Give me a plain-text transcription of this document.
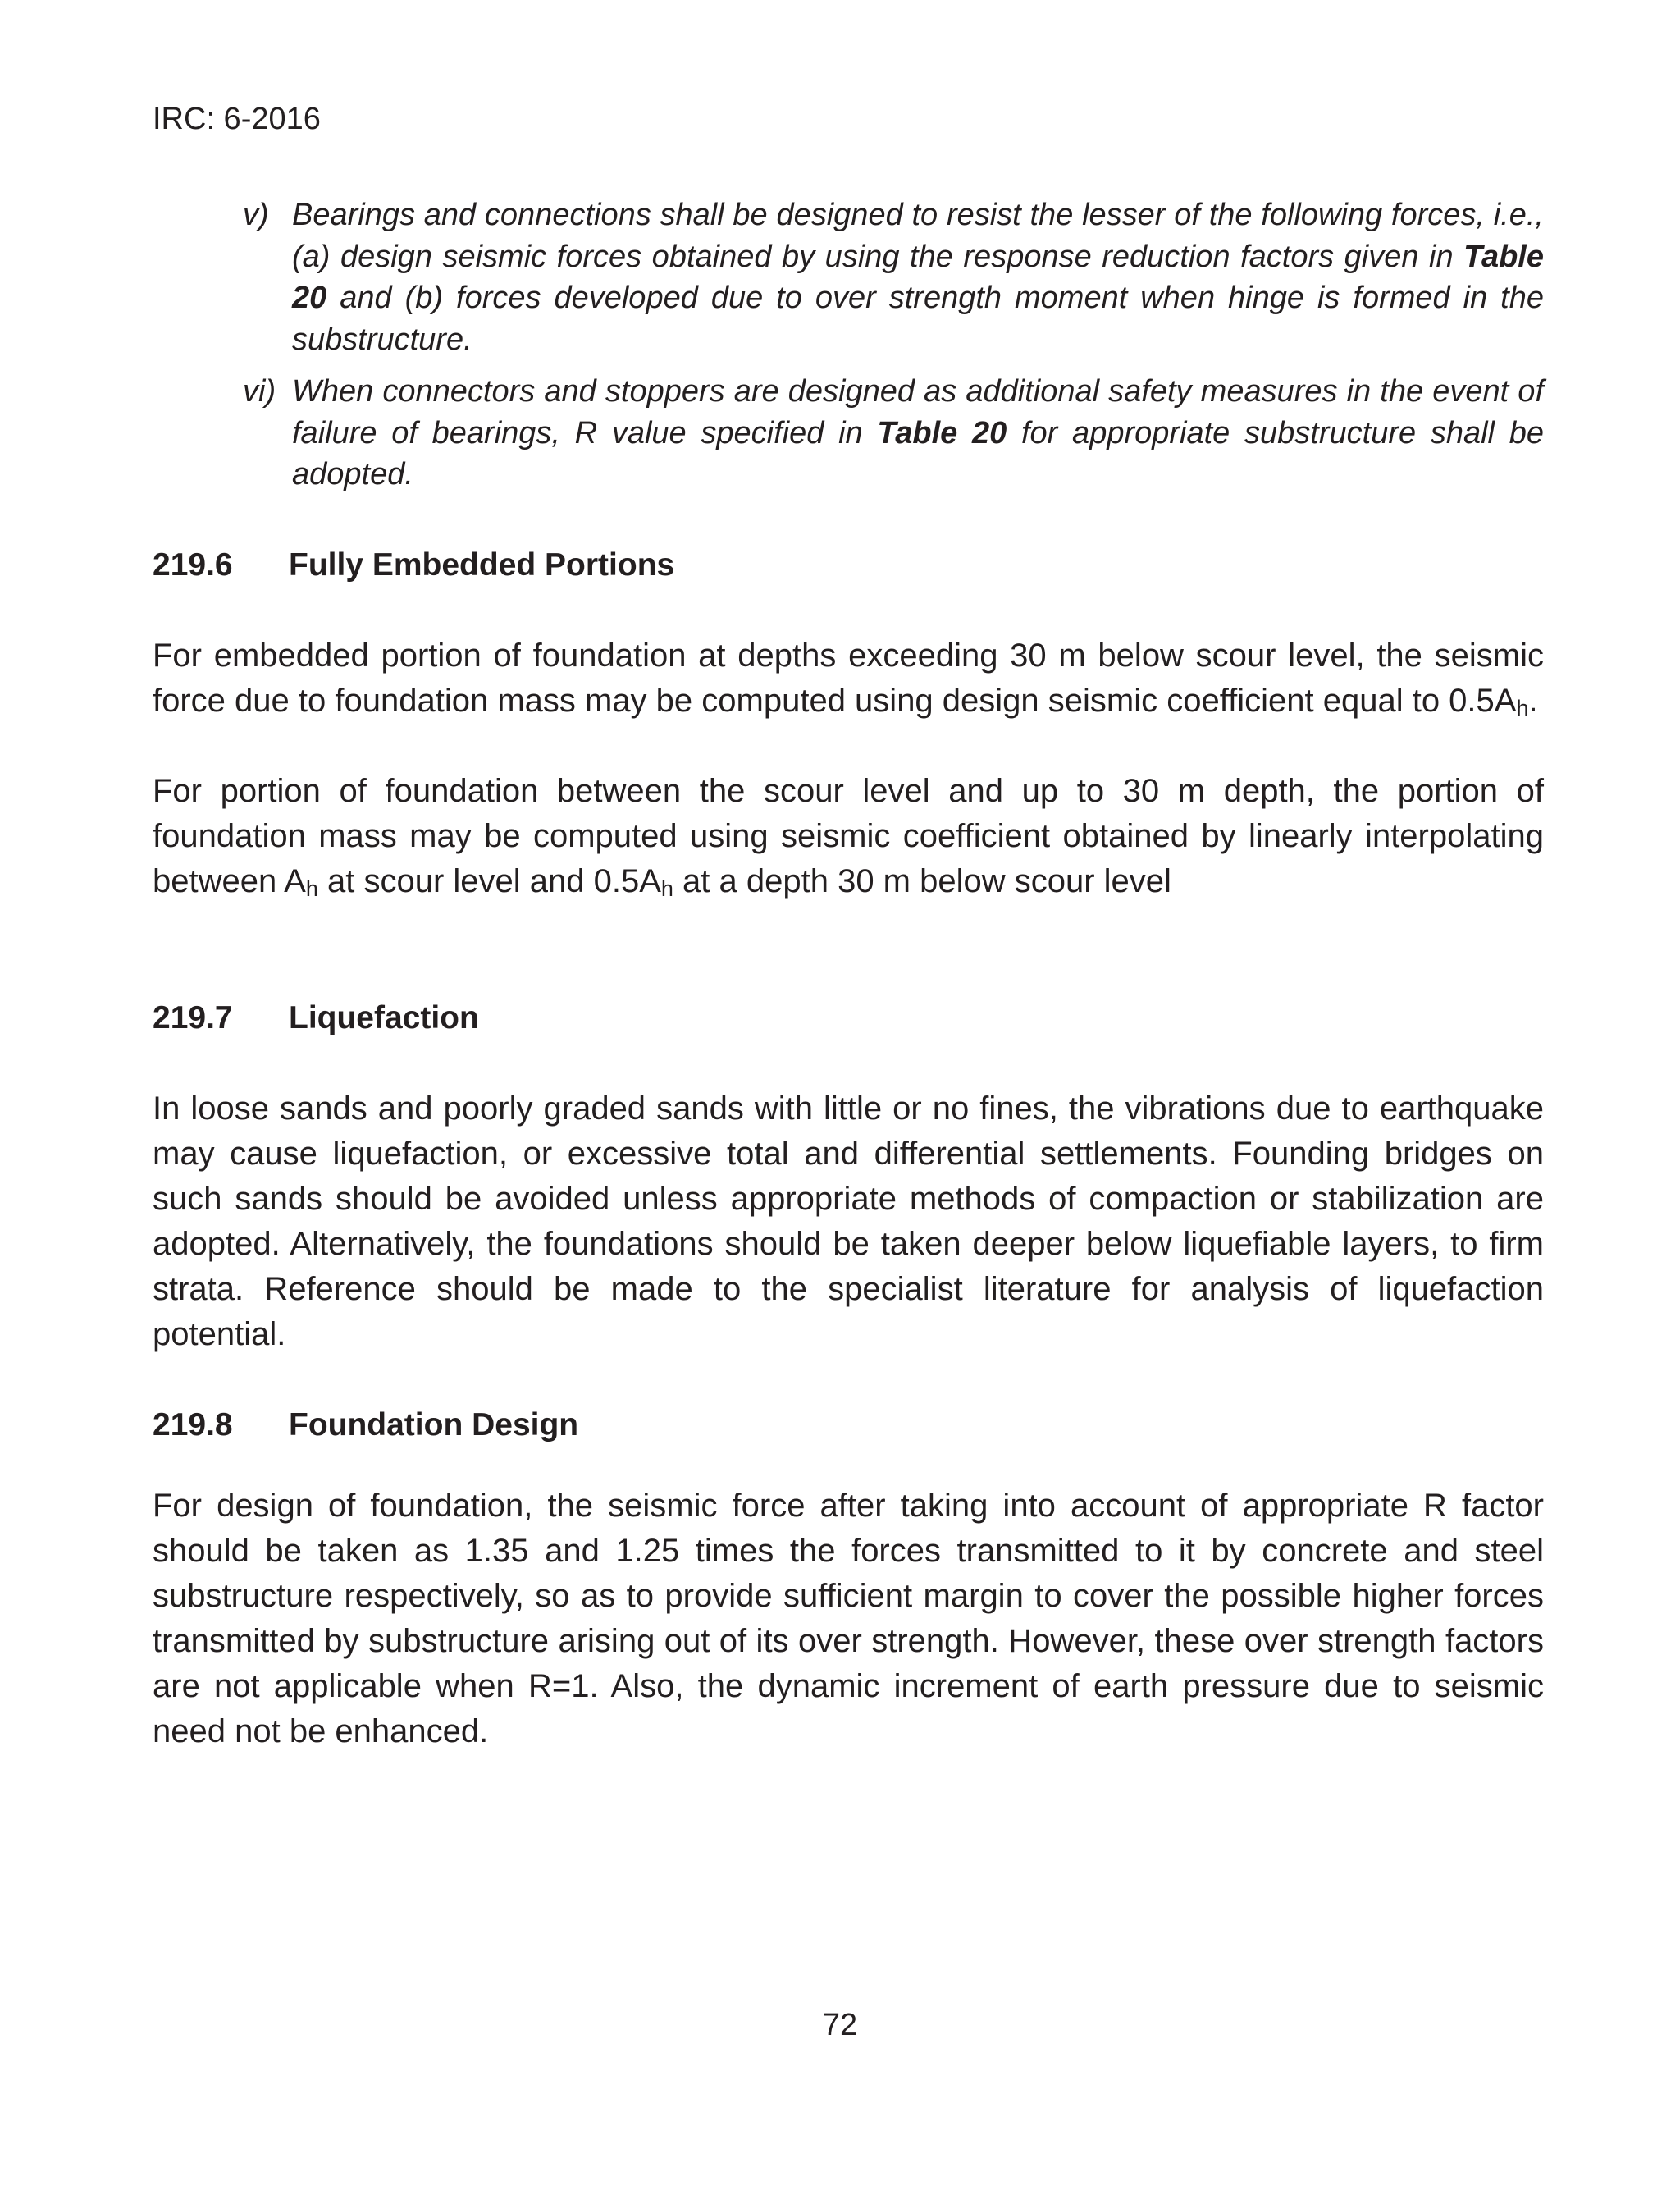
IRC: 6-2016

v) Bearings and connections shall be designed to resist the lesser of the following forces, i.e., (a) design seismic forces obtained by using the response reduction factors given in Table 20 and (b) forces developed due to over strength moment when hinge is formed in the substructure.
vi) When connectors and stoppers are designed as additional safety measures in the event of failure of bearings, R value specified in Table 20 for appropriate substructure shall be adopted.
219.6	Fully Embedded Portions

For embedded portion of foundation at depths exceeding 30 m below scour level, the seismic force due to foundation mass may be computed using design seismic coefficient equal to $0.5A_h$.

For portion of foundation between the scour level and up to 30 m depth, the portion of foundation mass may be computed using seismic coefficient obtained by linearly interpolating between $A_h$ at scour level and $0.5A_h$ at a depth 30 m below scour level

219.7	Liquefaction

In loose sands and poorly graded sands with little or no fines, the vibrations due to earthquake may cause liquefaction, or excessive total and differential settlements. Founding bridges on such sands should be avoided unless appropriate methods of compaction or stabilization are adopted. Alternatively, the foundations should be taken deeper below liquefiable layers, to firm strata. Reference should be made to the specialist literature for analysis of liquefaction potential.

219.8	Foundation Design

For design of foundation, the seismic force after taking into account of appropriate R factor should be taken as 1.35 and 1.25 times the forces transmitted to it by concrete and steel substructure respectively, so as to provide sufficient margin to cover the possible higher forces transmitted by substructure arising out of its over strength. However, these over strength factors are not applicable when R=1. Also, the dynamic increment of earth pressure due to seismic need not be enhanced.

72
